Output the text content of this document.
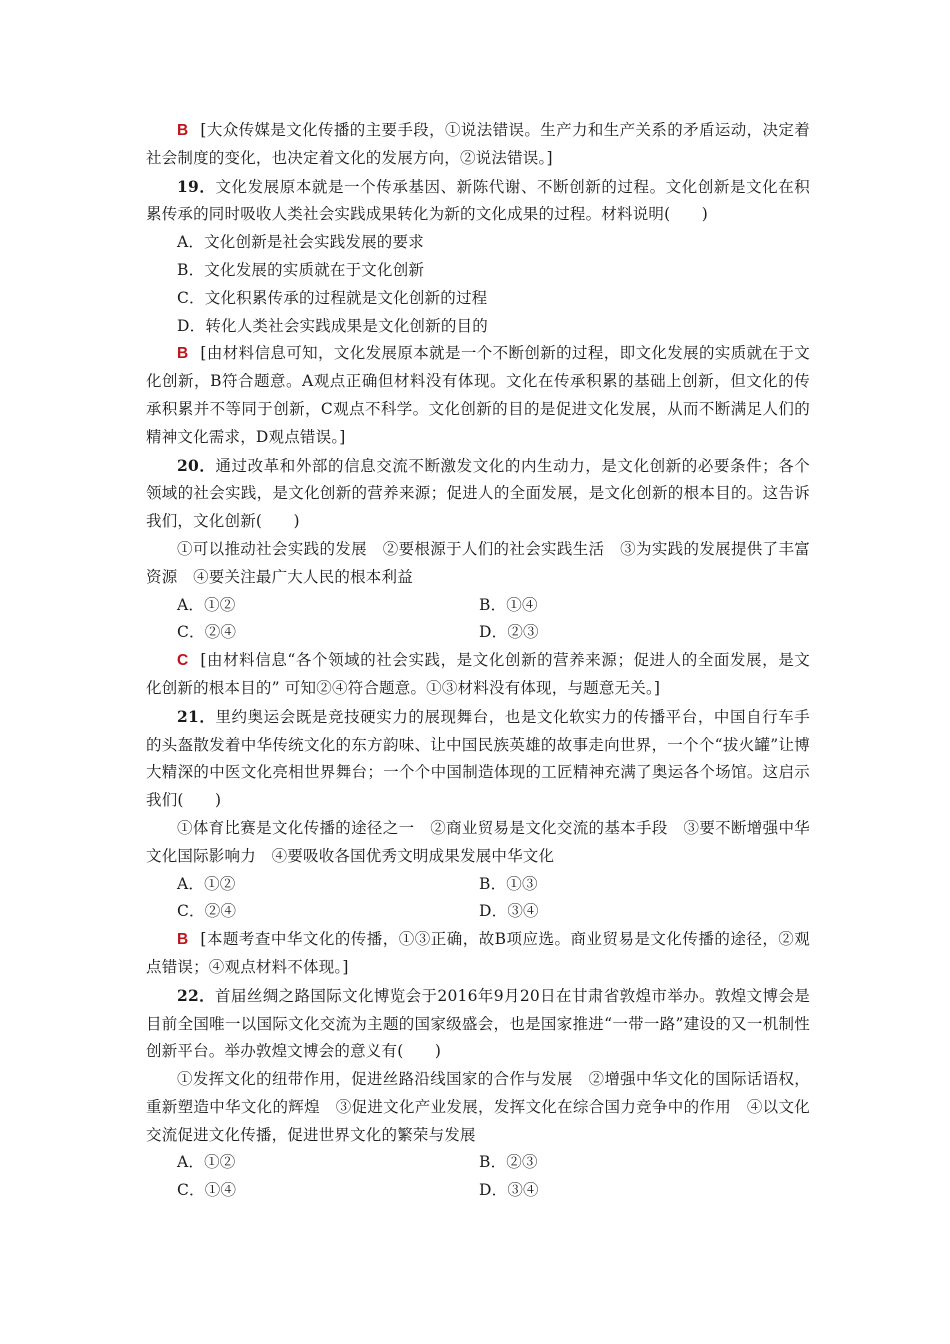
B [大众传媒是文化传播的主要手段，①说法错误。生产力和生产关系的矛盾运动，决定着社会制度的变化，也决定着文化的发展方向，②说法错误。]

19．文化发展原本就是一个传承基因、新陈代谢、不断创新的过程。文化创新是文化在积累传承的同时吸收人类社会实践成果转化为新的文化成果的过程。材料说明(　　)

A．文化创新是社会实践发展的要求

B．文化发展的实质就在于文化创新

C．文化积累传承的过程就是文化创新的过程

D．转化人类社会实践成果是文化创新的目的

B [由材料信息可知，文化发展原本就是一个不断创新的过程，即文化发展的实质就在于文化创新，B符合题意。A观点正确但材料没有体现。文化在传承积累的基础上创新，但文化的传承积累并不等同于创新，C观点不科学。文化创新的目的是促进文化发展，从而不断满足人们的精神文化需求，D观点错误。]

20．通过改革和外部的信息交流不断激发文化的内生动力，是文化创新的必要条件；各个领域的社会实践，是文化创新的营养来源；促进人的全面发展，是文化创新的根本目的。这告诉我们，文化创新(　　)

①可以推动社会实践的发展　②要根源于人们的社会实践生活　③为实践的发展提供了丰富资源　④要关注最广大人民的根本利益

A．①②	B．①④
C．②④	D．②③

C [由材料信息“各个领域的社会实践，是文化创新的营养来源；促进人的全面发展，是文化创新的根本目的” 可知②④符合题意。①③材料没有体现，与题意无关。]

21．里约奥运会既是竞技硬实力的展现舞台，也是文化软实力的传播平台，中国自行车手的头盔散发着中华传统文化的东方韵味、让中国民族英雄的故事走向世界，一个个“拔火罐”让博大精深的中医文化亮相世界舞台；一个个中国制造体现的工匠精神充满了奥运各个场馆。这启示我们(　　)

①体育比赛是文化传播的途径之一　②商业贸易是文化交流的基本手段　③要不断增强中华文化国际影响力　④要吸收各国优秀文明成果发展中华文化

A．①②	B．①③
C．②④	D．③④

B [本题考查中华文化的传播，①③正确，故B项应选。商业贸易是文化传播的途径，②观点错误；④观点材料不体现。]

22．首届丝绸之路国际文化博览会于2016年9月20日在甘肃省敦煌市举办。敦煌文博会是目前全国唯一以国际文化交流为主题的国家级盛会，也是国家推进“一带一路”建设的又一机制性创新平台。举办敦煌文博会的意义有(　　)

①发挥文化的纽带作用，促进丝路沿线国家的合作与发展　②增强中华文化的国际话语权，重新塑造中华文化的辉煌　③促进文化产业发展，发挥文化在综合国力竞争中的作用　④以文化交流促进文化传播，促进世界文化的繁荣与发展

A．①②	B．②③
C．①④	D．③④
